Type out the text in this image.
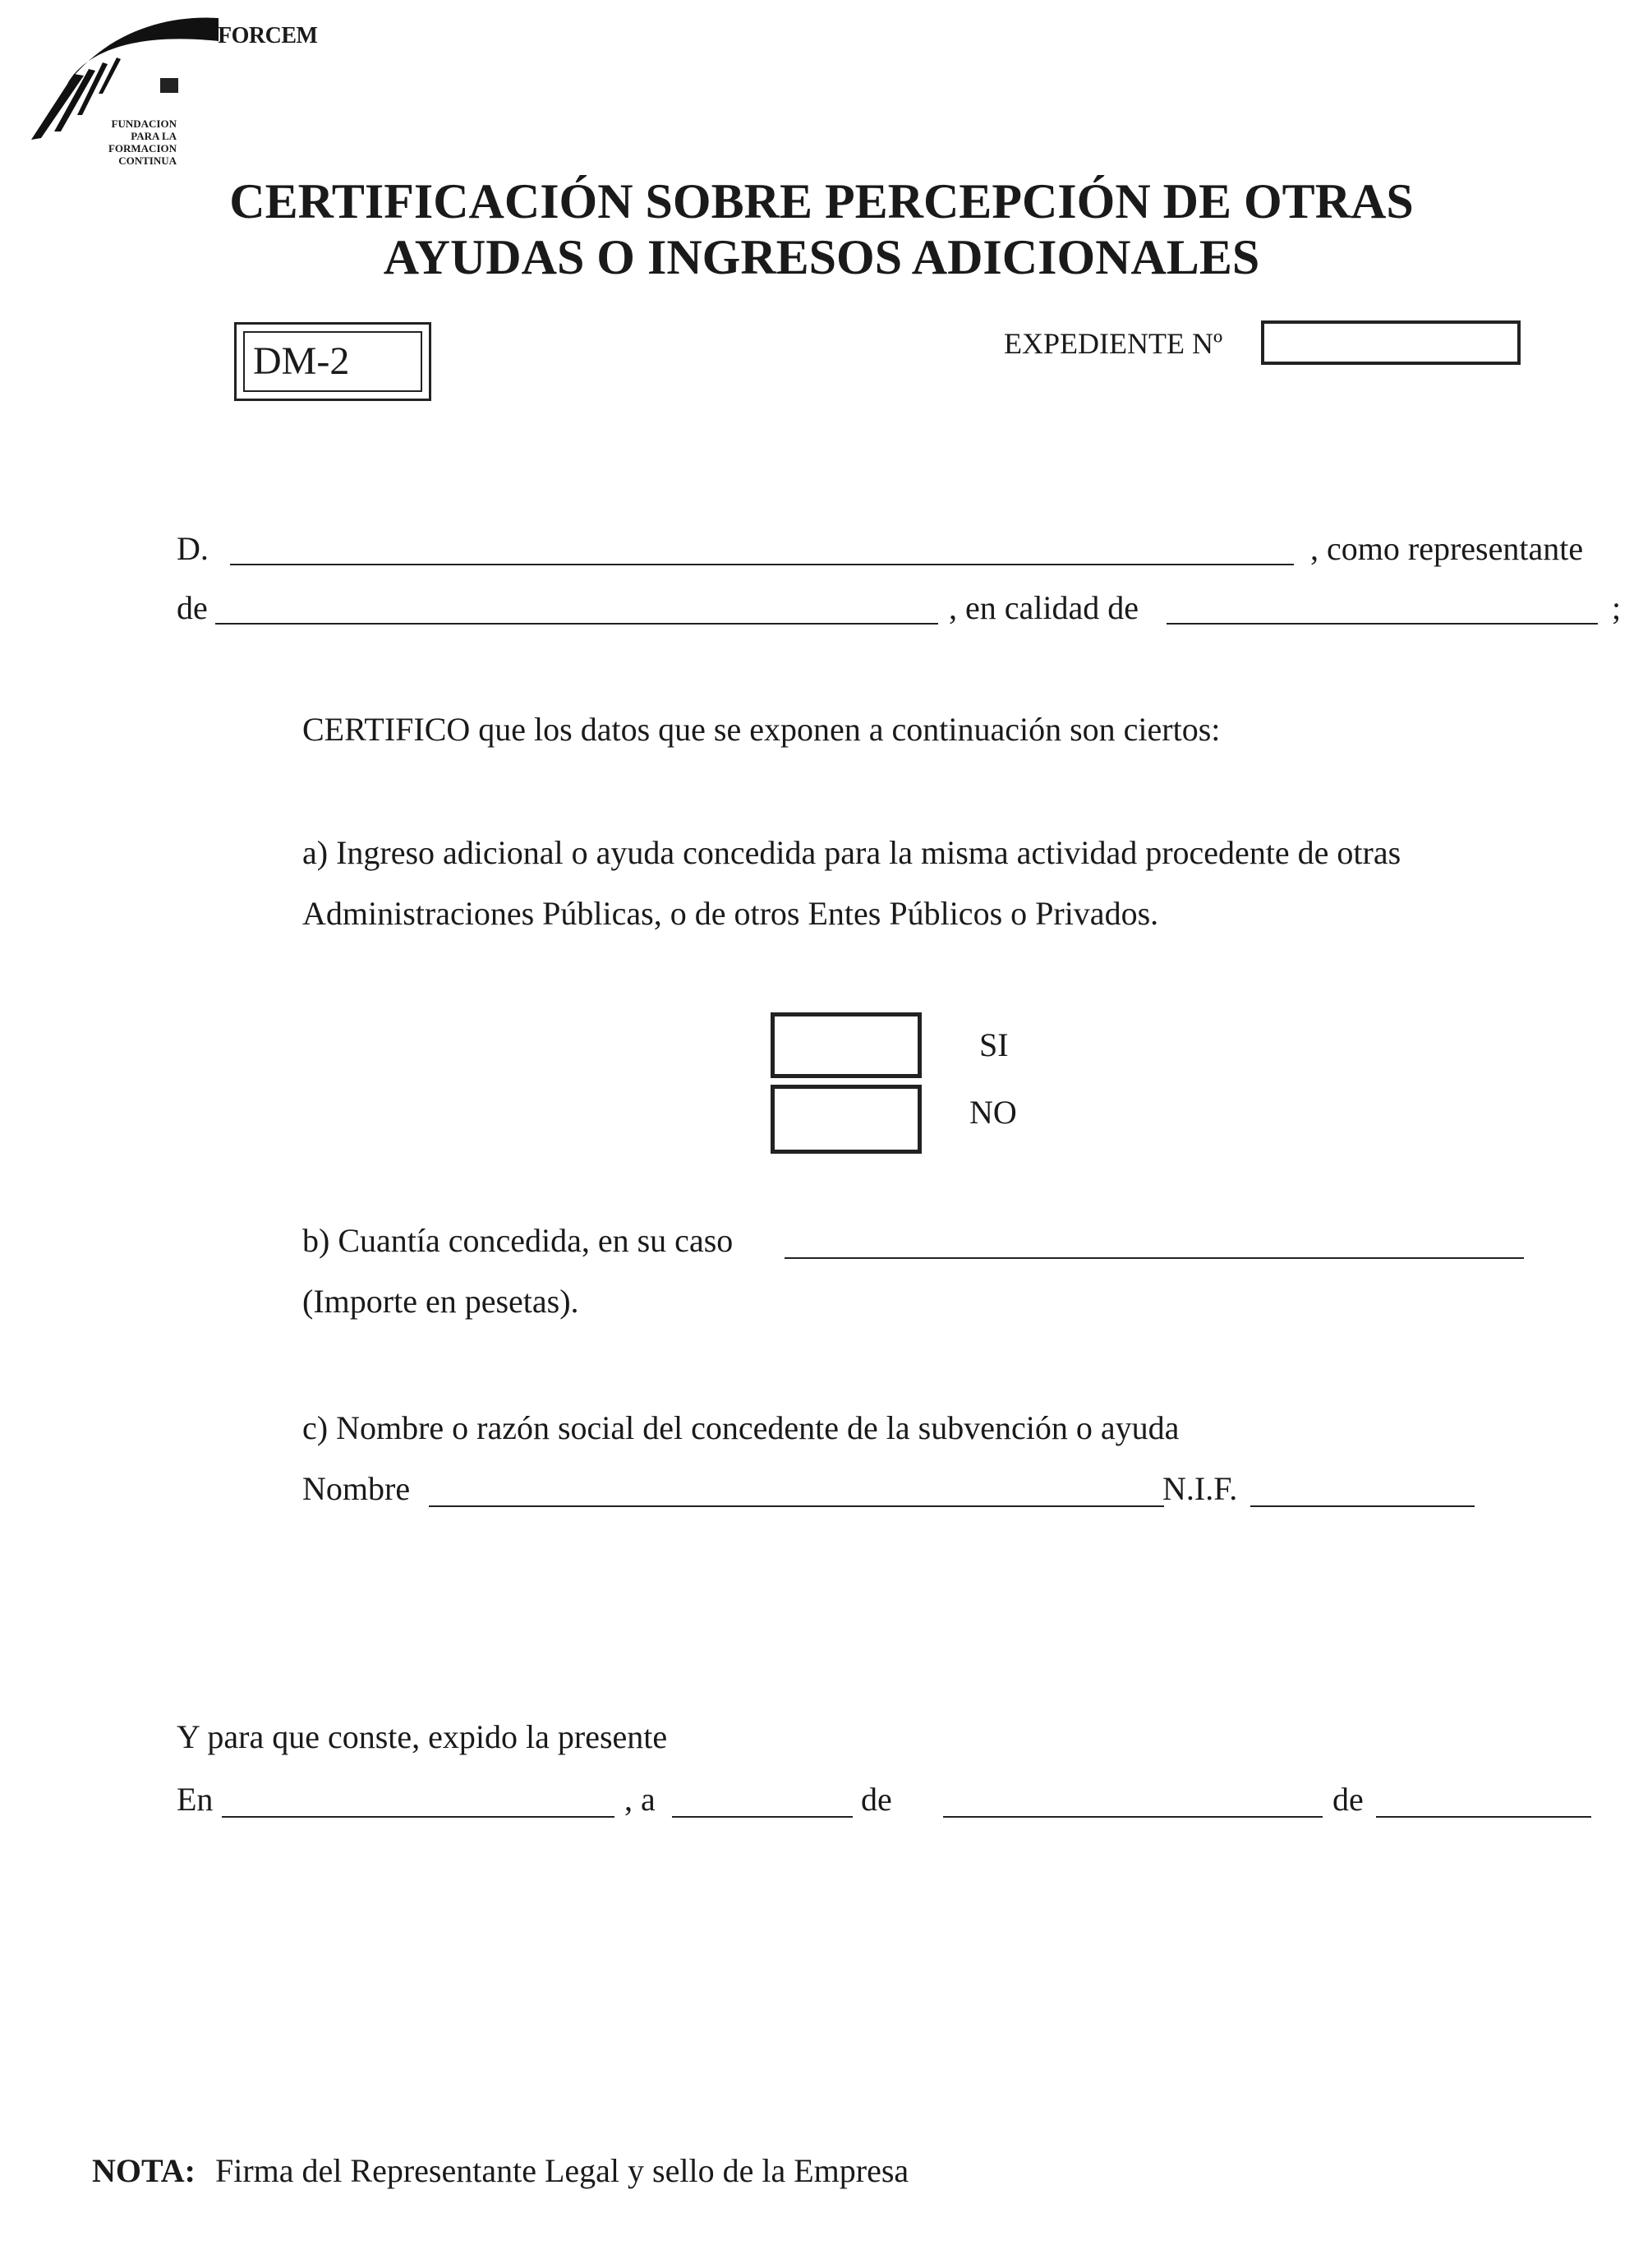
FORCEM
FUNDACION
PARA LA
FORMACION
CONTINUA
CERTIFICACIÓN SOBRE PERCEPCIÓN DE OTRAS
AYUDAS O INGRESOS ADICIONALES
DM-2	EXPEDIENTE Nº
D.	, como representante
de	, en calidad de	;
CERTIFICO que los datos que se exponen a continuación son ciertos:
a) Ingreso adicional o ayuda concedida para la misma actividad procedente de otras
Administraciones Públicas, o de otros Entes Públicos o Privados.
SI
NO
b) Cuantía concedida, en su caso
(Importe en pesetas).
c) Nombre o razón social del concedente de la subvención o ayuda
Nombre	N.I.F.
Y para que conste, expido la presente
En	, a	de	de
NOTA: Firma del Representante Legal y sello de la Empresa
